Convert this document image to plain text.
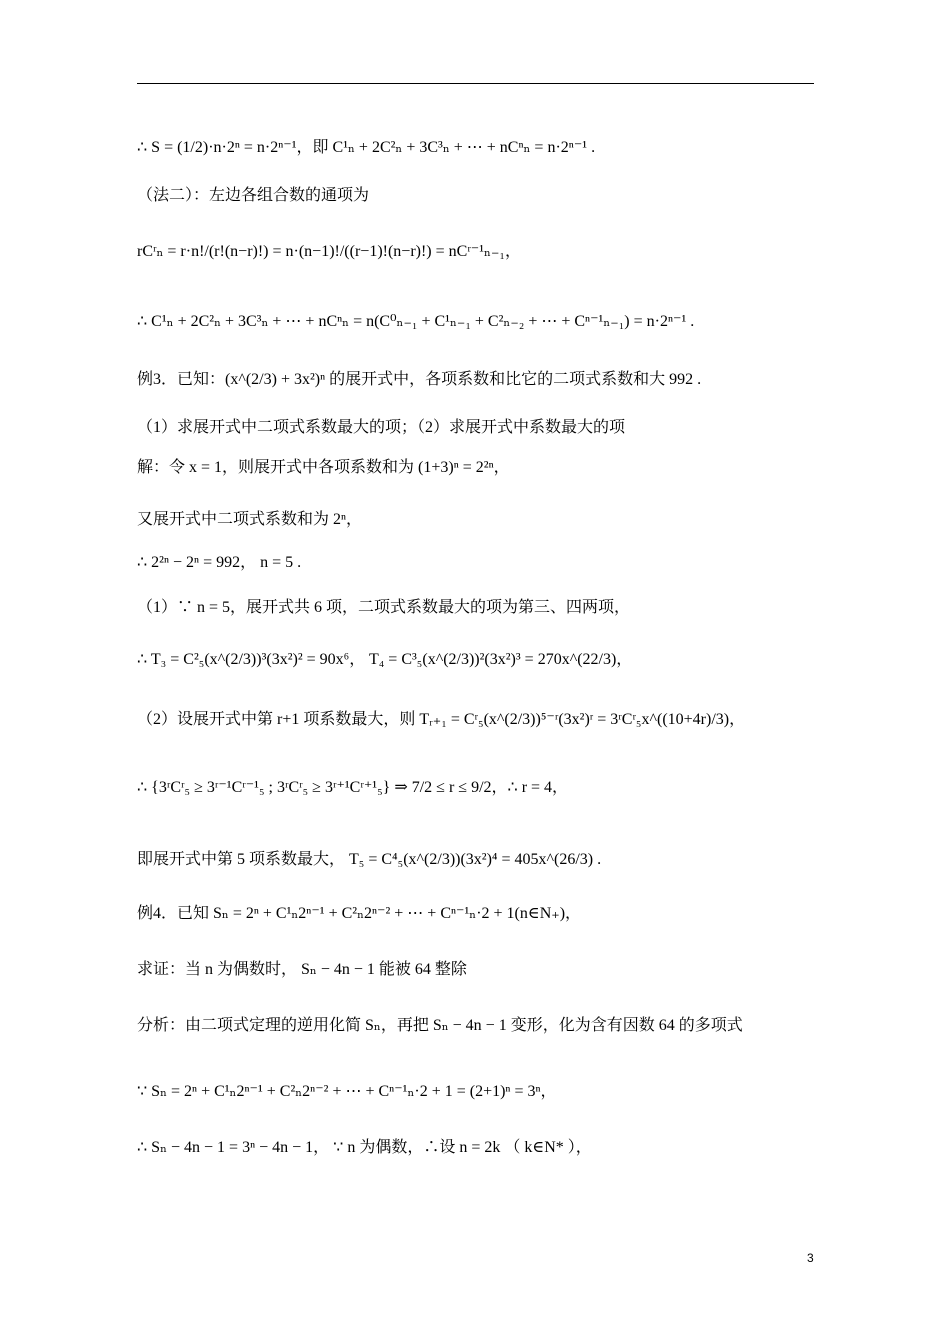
∴ S = (1/2)·n·2ⁿ = n·2ⁿ⁻¹，即 C¹ₙ + 2C²ₙ + 3C³ₙ + ⋯ + nCⁿₙ = n·2ⁿ⁻¹ .
（法二）：左边各组合数的通项为
rCʳₙ = r·n!/(r!(n−r)!) = n·(n−1)!/((r−1)!(n−r)!) = nCʳ⁻¹ₙ₋₁，
∴ C¹ₙ + 2C²ₙ + 3C³ₙ + ⋯ + nCⁿₙ = n(C⁰ₙ₋₁ + C¹ₙ₋₁ + C²ₙ₋₂ + ⋯ + Cⁿ⁻¹ₙ₋₁) = n·2ⁿ⁻¹ .
例3．已知：(x^(2/3) + 3x²)ⁿ 的展开式中，各项系数和比它的二项式系数和大 992 .
（1）求展开式中二项式系数最大的项；（2）求展开式中系数最大的项
解：令 x = 1，则展开式中各项系数和为 (1+3)ⁿ = 2²ⁿ，
又展开式中二项式系数和为 2ⁿ，
∴ 2²ⁿ − 2ⁿ = 992， n = 5 .
（1）∵ n = 5，展开式共 6 项，二项式系数最大的项为第三、四两项，
∴ T₃ = C²₅(x^(2/3))³(3x²)² = 90x⁶， T₄ = C³₅(x^(2/3))²(3x²)³ = 270x^(22/3)，
（2）设展开式中第 r+1 项系数最大，则 Tᵣ₊₁ = Cʳ₅(x^(2/3))⁵⁻ʳ(3x²)ʳ = 3ʳCʳ₅x^((10+4r)/3)，
∴ {3ʳCʳ₅ ≥ 3ʳ⁻¹Cʳ⁻¹₅ ; 3ʳCʳ₅ ≥ 3ʳ⁺¹Cʳ⁺¹₅} ⇒ 7/2 ≤ r ≤ 9/2，∴ r = 4，
即展开式中第 5 项系数最大， T₅ = C⁴₅(x^(2/3))(3x²)⁴ = 405x^(26/3) .
例4．已知 Sₙ = 2ⁿ + C¹ₙ2ⁿ⁻¹ + C²ₙ2ⁿ⁻² + ⋯ + Cⁿ⁻¹ₙ·2 + 1(n∈N₊)，
求证：当 n 为偶数时， Sₙ − 4n − 1 能被 64 整除
分析：由二项式定理的逆用化简 Sₙ，再把 Sₙ − 4n − 1 变形，化为含有因数 64 的多项式
∵ Sₙ = 2ⁿ + C¹ₙ2ⁿ⁻¹ + C²ₙ2ⁿ⁻² + ⋯ + Cⁿ⁻¹ₙ·2 + 1 = (2+1)ⁿ = 3ⁿ，
∴ Sₙ − 4n − 1 = 3ⁿ − 4n − 1， ∵ n 为偶数，∴设 n = 2k （ k∈N* ），
3
